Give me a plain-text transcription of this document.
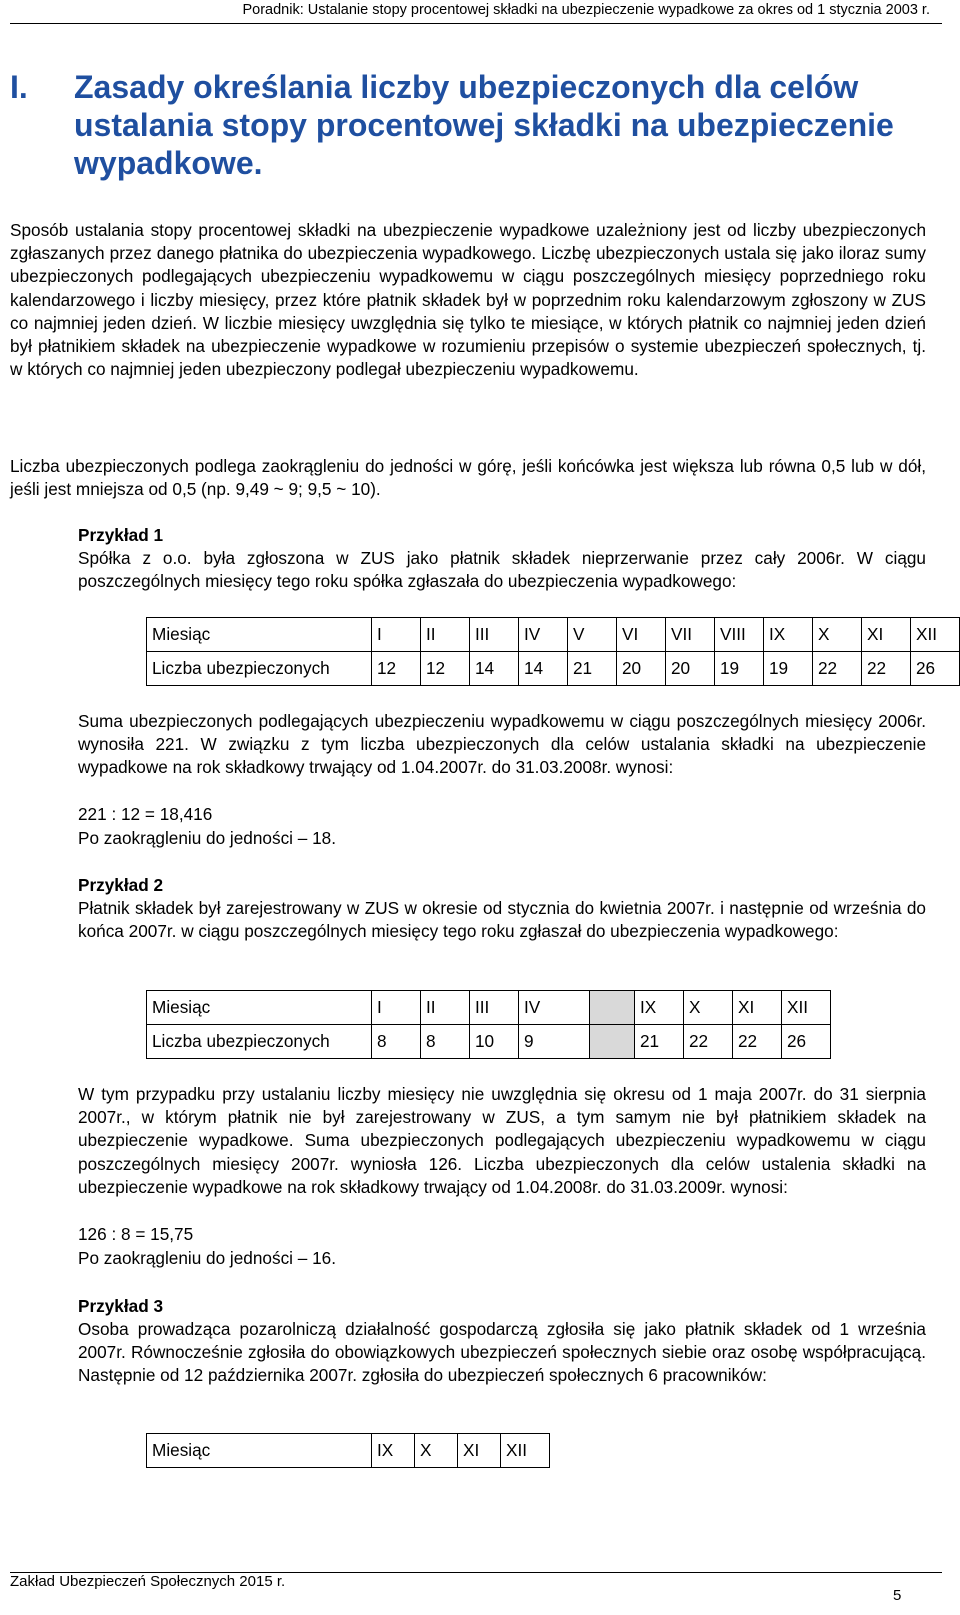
Poradnik: Ustalanie stopy procentowej składki na ubezpieczenie wypadkowe za okres od 1 stycznia 2003 r.
I. Zasady określania liczby ubezpieczonych dla celów ustalania stopy procentowej składki na ubezpieczenie wypadkowe.
Sposób ustalania stopy procentowej składki na ubezpieczenie wypadkowe uzależniony jest od liczby ubezpieczonych zgłaszanych przez danego płatnika do ubezpieczenia wypadkowego. Liczbę ubezpieczonych ustala się jako iloraz sumy ubezpieczonych podlegających ubezpieczeniu wypadkowemu w ciągu poszczególnych miesięcy poprzedniego roku kalendarzowego i liczby miesięcy, przez które płatnik składek był w poprzednim roku kalendarzowym zgłoszony w ZUS co najmniej jeden dzień. W liczbie miesięcy uwzględnia się tylko te miesiące, w których płatnik co najmniej jeden dzień był płatnikiem składek na ubezpieczenie wypadkowe w rozumieniu przepisów o systemie ubezpieczeń społecznych, tj. w których co najmniej jeden ubezpieczony podlegał ubezpieczeniu wypadkowemu.
Liczba ubezpieczonych podlega zaokrągleniu do jedności w górę, jeśli końcówka jest większa lub równa 0,5 lub w dół, jeśli jest mniejsza od 0,5 (np. 9,49 ~ 9; 9,5 ~ 10).
Przykład 1
Spółka z o.o. była zgłoszona w ZUS jako płatnik składek nieprzerwanie przez cały 2006r. W ciągu poszczególnych miesięcy tego roku spółka zgłaszała do ubezpieczenia wypadkowego:
Miesiąc	I	II	III	IV	V	VI	VII	VIII	IX	X	XI	XII
Liczba ubezpieczonych	12	12	14	14	21	20	20	19	19	22	22	26
Suma ubezpieczonych podlegających ubezpieczeniu wypadkowemu w ciągu poszczególnych miesięcy 2006r. wynosiła 221. W związku z tym liczba ubezpieczonych dla celów ustalania składki na ubezpieczenie wypadkowe na rok składkowy trwający od 1.04.2007r. do 31.03.2008r. wynosi:
221 : 12 = 18,416
Po zaokrągleniu do jedności – 18.
Przykład 2
Płatnik składek był zarejestrowany w ZUS w okresie od stycznia do kwietnia 2007r. i następnie od września do końca 2007r. w ciągu poszczególnych miesięcy tego roku zgłaszał do ubezpieczenia wypadkowego:
Miesiąc	I	II	III	IV		IX	X	XI	XII
Liczba ubezpieczonych	8	8	10	9		21	22	22	26
W tym przypadku przy ustalaniu liczby miesięcy nie uwzględnia się okresu od 1 maja 2007r. do 31 sierpnia 2007r., w którym płatnik nie był zarejestrowany w ZUS, a tym samym nie był płatnikiem składek na ubezpieczenie wypadkowe. Suma ubezpieczonych podlegających ubezpieczeniu wypadkowemu w ciągu poszczególnych miesięcy 2007r. wyniosła 126. Liczba ubezpieczonych dla celów ustalenia składki na ubezpieczenie wypadkowe na rok składkowy trwający od 1.04.2008r. do 31.03.2009r. wynosi:
126 : 8 = 15,75
Po zaokrągleniu do jedności – 16.
Przykład 3
Osoba prowadząca pozarolniczą działalność gospodarczą zgłosiła się jako płatnik składek od 1 września 2007r. Równocześnie zgłosiła do obowiązkowych ubezpieczeń społecznych siebie oraz osobę współpracującą. Następnie od 12 października 2007r. zgłosiła do ubezpieczeń społecznych 6 pracowników:
Miesiąc	IX	X	XI	XII
Zakład Ubezpieczeń Społecznych 2015 r.
5
